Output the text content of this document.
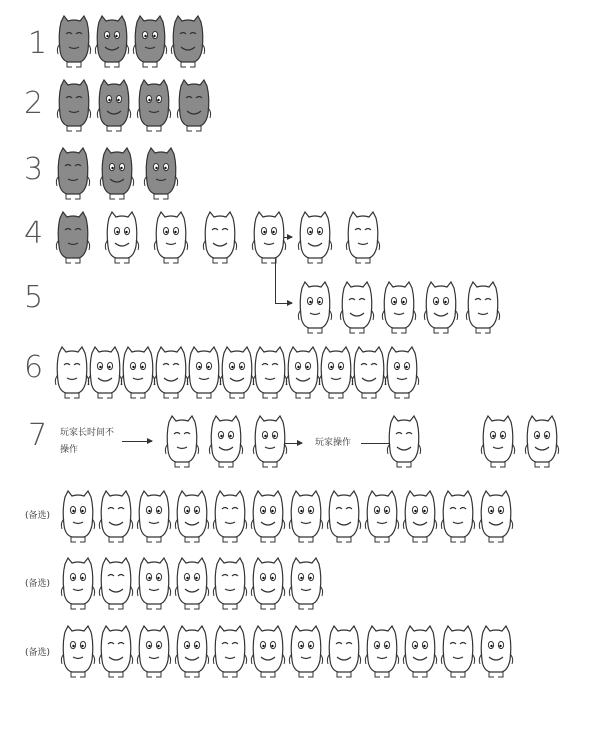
1
2
3
4
5
6
7 玩家长时间不
操作
玩家操作
(备选)
(备选)
(备选)
